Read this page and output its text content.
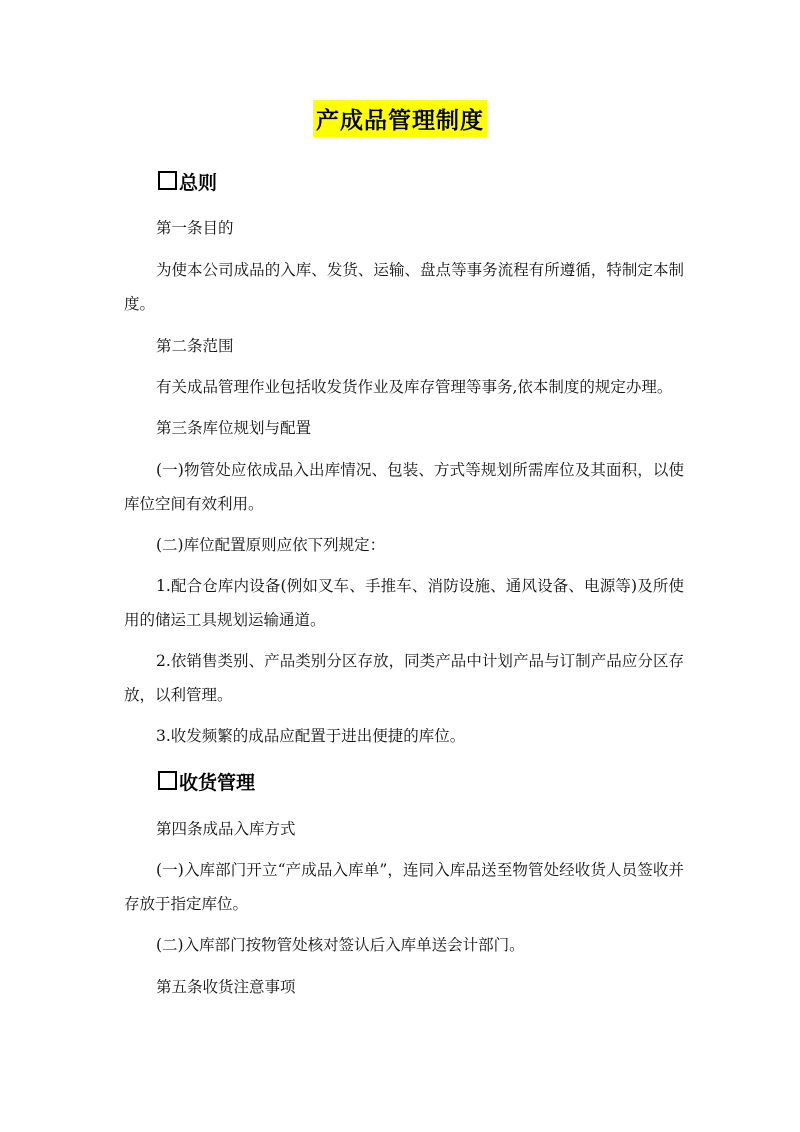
产成品管理制度
总则
第一条目的
为使本公司成品的入库、发货、运输、盘点等事务流程有所遵循，特制定本制度。
第二条范围
有关成品管理作业包括收发货作业及库存管理等事务,依本制度的规定办理。
第三条库位规划与配置
(一)物管处应依成品入出库情况、包装、方式等规划所需库位及其面积，以使库位空间有效利用。
(二)库位配置原则应依下列规定：
1.配合仓库内设备(例如叉车、手推车、消防设施、通风设备、电源等)及所使用的储运工具规划运输通道。
2.依销售类别、产品类别分区存放，同类产品中计划产品与订制产品应分区存放，以利管理。
3.收发频繁的成品应配置于进出便捷的库位。
收货管理
第四条成品入库方式
(一)入库部门开立“产成品入库单”，连同入库品送至物管处经收货人员签收并存放于指定库位。
(二)入库部门按物管处核对签认后入库单送会计部门。
第五条收货注意事项
